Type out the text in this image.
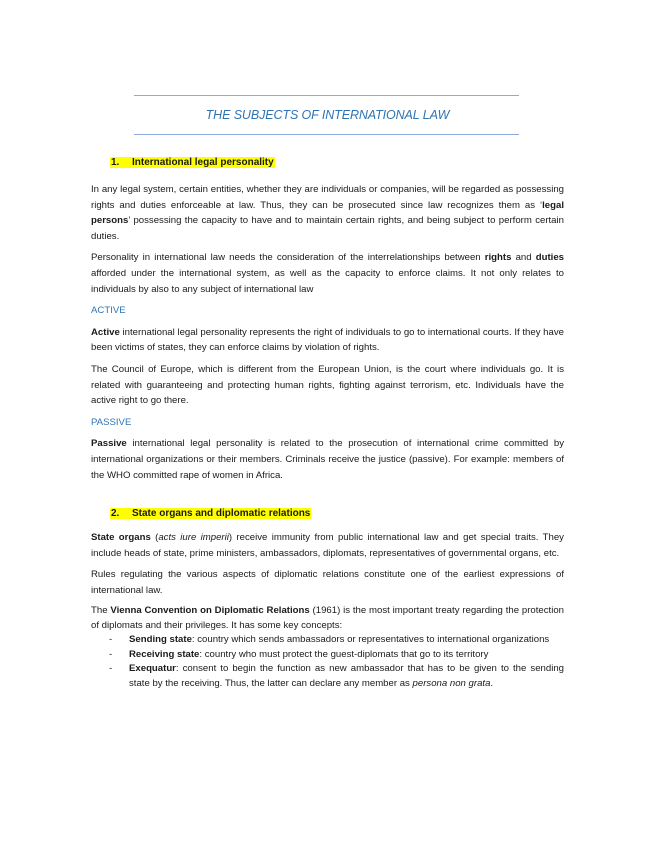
THE SUBJECTS OF INTERNATIONAL LAW
1. International legal personality

In any legal system, certain entities, whether they are individuals or companies, will be regarded as possessing rights and duties enforceable at law. Thus, they can be prosecuted since law recognizes them as ‘legal persons’ possessing the capacity to have and to maintain certain rights, and being subject to perform certain duties.

Personality in international law needs the consideration of the interrelationships between rights and duties afforded under the international system, as well as the capacity to enforce claims. It not only relates to individuals by also to any subject of international law

ACTIVE

Active international legal personality represents the right of individuals to go to international courts. If they have been victims of states, they can enforce claims by violation of rights.

The Council of Europe, which is different from the European Union, is the court where individuals go. It is related with guaranteeing and protecting human rights, fighting against terrorism, etc. Individuals have the active right to go there.

PASSIVE

Passive international legal personality is related to the prosecution of international crime committed by international organizations or their members. Criminals receive the justice (passive). For example: members of the WHO committed rape of women in Africa.

2. State organs and diplomatic relations

State organs (acts iure imperii) receive immunity from public international law and get special traits. They include heads of state, prime ministers, ambassadors, diplomats, representatives of governmental organs, etc.

Rules regulating the various aspects of diplomatic relations constitute one of the earliest expressions of international law.

The Vienna Convention on Diplomatic Relations (1961) is the most important treaty regarding the protection of diplomats and their privileges. It has some key concepts:

- Sending state: country which sends ambassadors or representatives to international organizations
- Receiving state: country who must protect the guest-diplomats that go to its territory
- Exequatur: consent to begin the function as new ambassador that has to be given to the sending state by the receiving. Thus, the latter can declare any member as persona non grata.
